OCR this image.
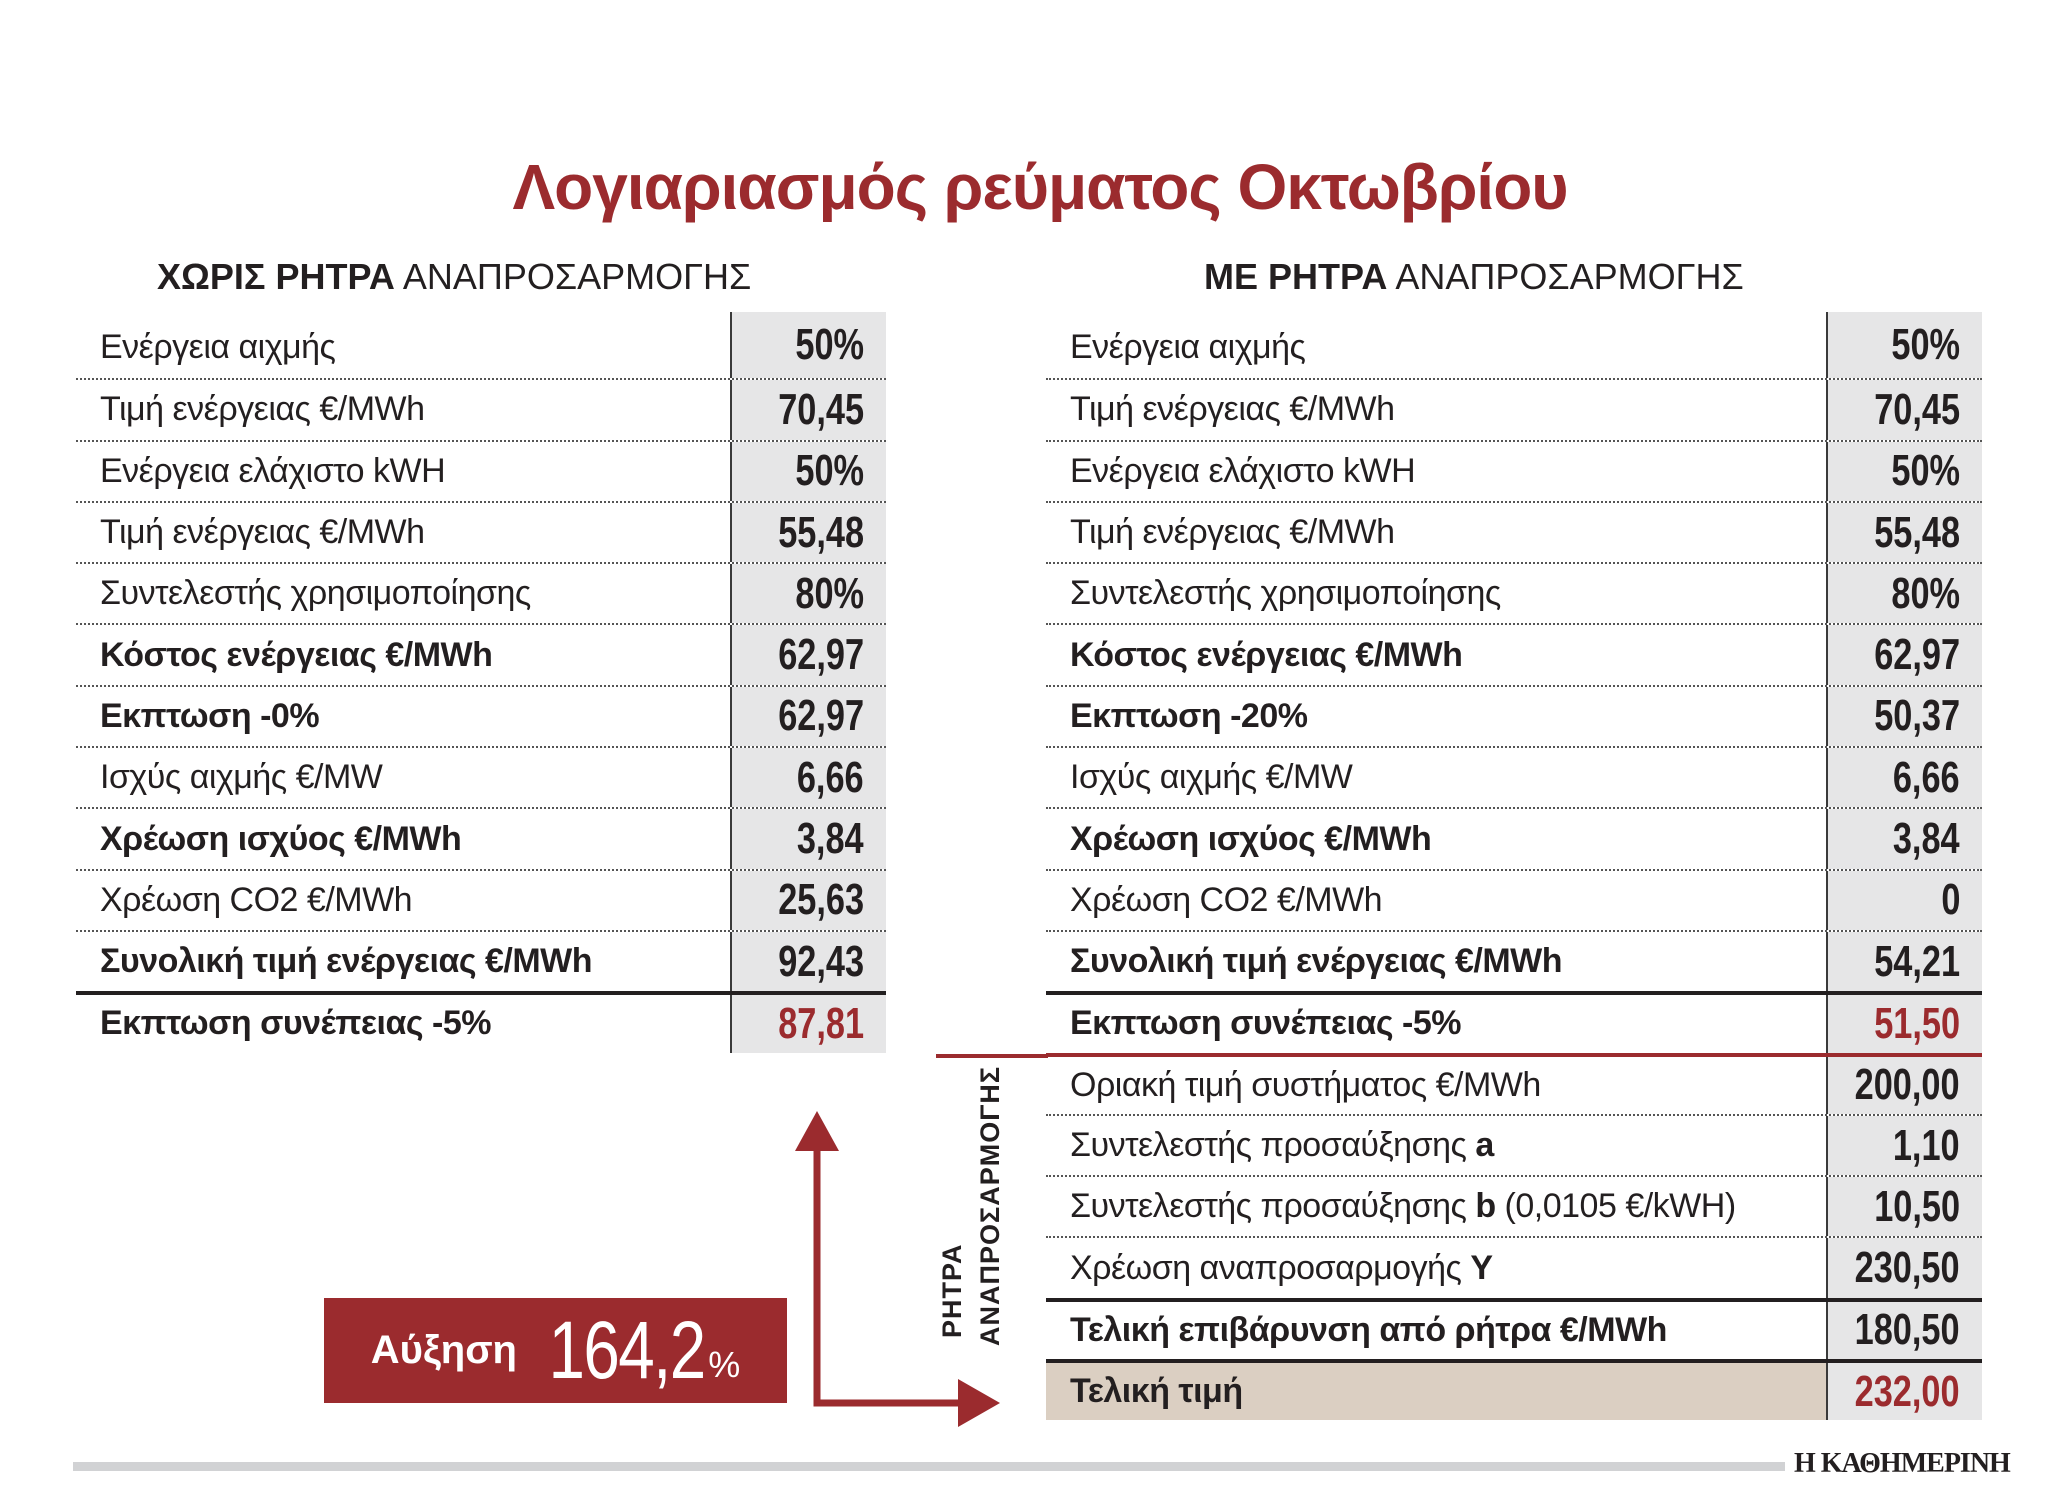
Λογιαριασμός ρεύματος Οκτωβρίου
ΧΩΡΙΣ ΡΗΤΡΑ ΑΝΑΠΡΟΣΑΡΜΟΓΗΣ	ΜΕ ΡΗΤΡΑ ΑΝΑΠΡΟΣΑΡΜΟΓΗΣ
Ενέργεια αιχμής	50%
Τιμή ενέργειας €/MWh	70,45
Ενέργεια ελάχιστο kWH	50%
Τιμή ενέργειας €/MWh	55,48
Συντελεστής χρησιμοποίησης	80%
Κόστος ενέργειας €/MWh	62,97
Εκπτωση -0%	62,97
Ισχύς αιχμής €/MW	6,66
Χρέωση ισχύος €/MWh	3,84
Χρέωση CO2 €/MWh	25,63
Συνολική τιμή ενέργειας €/MWh	92,43
Εκπτωση συνέπειας -5%	87,81
Ενέργεια αιχμής	50%
Τιμή ενέργειας €/MWh	70,45
Ενέργεια ελάχιστο kWH	50%
Τιμή ενέργειας €/MWh	55,48
Συντελεστής χρησιμοποίησης	80%
Κόστος ενέργειας €/MWh	62,97
Εκπτωση -20%	50,37
Ισχύς αιχμής €/MW	6,66
Χρέωση ισχύος €/MWh	3,84
Χρέωση CO2 €/MWh	0
Συνολική τιμή ενέργειας €/MWh	54,21
Εκπτωση συνέπειας -5%	51,50
Οριακή τιμή συστήματος €/MWh	200,00
Συντελεστής προσαύξησης a	1,10
Συντελεστής προσαύξησης b (0,0105 €/kWH)	10,50
Χρέωση αναπροσαρμογής Y	230,50
Τελική επιβάρυνση από ρήτρα €/MWh	180,50
Τελική τιμή	232,00
ΡΗΤΡΑ ΑΝΑΠΡΟΣΑΡΜΟΓΗΣ
Αύξηση 164,2 %
Η ΚΑΘΗΜΕΡΙΝΗ
